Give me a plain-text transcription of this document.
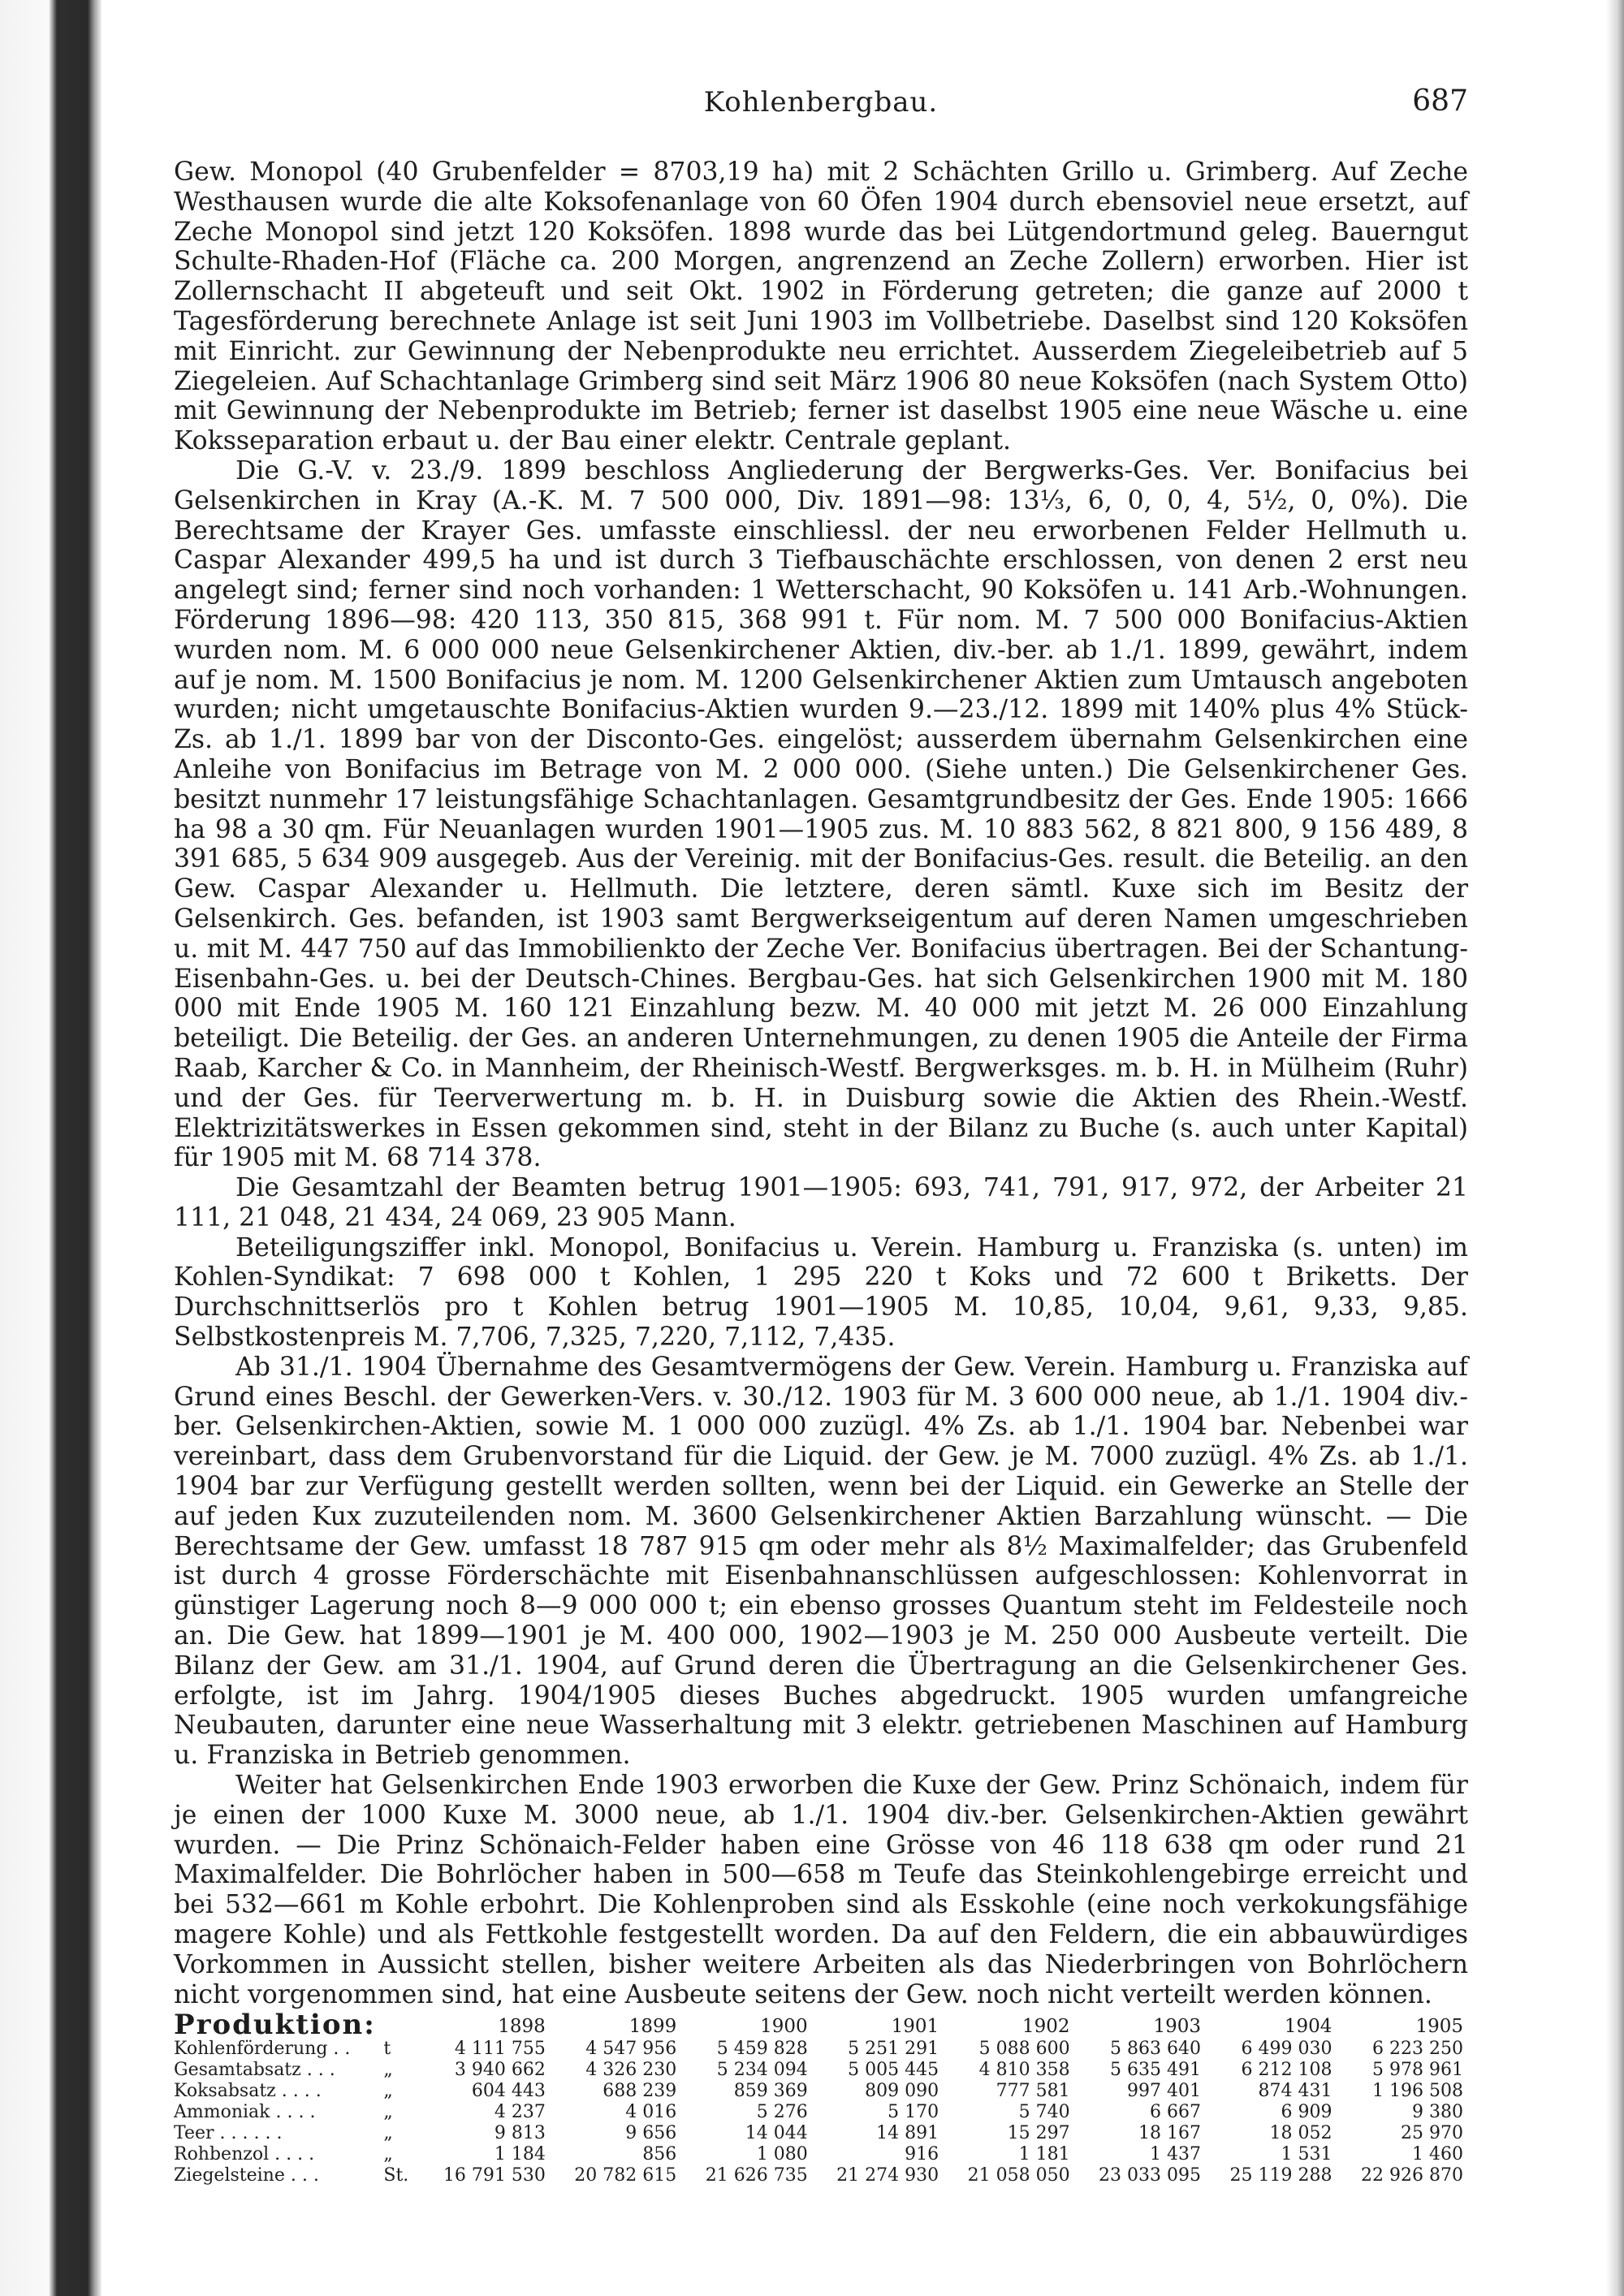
Kohlenbergbau.	687

Gew. Monopol (40 Grubenfelder = 8703,19 ha) mit 2 Schächten Grillo u. Grimberg. Auf Zeche Westhausen wurde die alte Koksofenanlage von 60 Öfen 1904 durch ebensoviel neue ersetzt, auf Zeche Monopol sind jetzt 120 Koksöfen. 1898 wurde das bei Lütgendortmund geleg. Bauerngut Schulte-Rhaden-Hof (Fläche ca. 200 Morgen, angrenzend an Zeche Zollern) erworben. Hier ist Zollernschacht II abgeteuft und seit Okt. 1902 in Förderung getreten; die ganze auf 2000 t Tagesförderung berechnete Anlage ist seit Juni 1903 im Vollbetriebe. Daselbst sind 120 Koksöfen mit Einricht. zur Gewinnung der Nebenprodukte neu errichtet. Ausserdem Ziegeleibetrieb auf 5 Ziegeleien. Auf Schachtanlage Grimberg sind seit März 1906 80 neue Koksöfen (nach System Otto) mit Gewinnung der Nebenprodukte im Betrieb; ferner ist daselbst 1905 eine neue Wäsche u. eine Koksseparation erbaut u. der Bau einer elektr. Centrale geplant.

Die G.-V. v. 23./9. 1899 beschloss Angliederung der Bergwerks-Ges. Ver. Bonifacius bei Gelsenkirchen in Kray (A.-K. M. 7 500 000, Div. 1891—98: 13⅓, 6, 0, 0, 4, 5½, 0, 0%). Die Berechtsame der Krayer Ges. umfasste einschliessl. der neu erworbenen Felder Hellmuth u. Caspar Alexander 499,5 ha und ist durch 3 Tiefbauschächte erschlossen, von denen 2 erst neu angelegt sind; ferner sind noch vorhanden: 1 Wetterschacht, 90 Koksöfen u. 141 Arb.-Wohnungen. Förderung 1896—98: 420 113, 350 815, 368 991 t. Für nom. M. 7 500 000 Bonifacius-Aktien wurden nom. M. 6 000 000 neue Gelsenkirchener Aktien, div.-ber. ab 1./1. 1899, gewährt, indem auf je nom. M. 1500 Bonifacius je nom. M. 1200 Gelsenkirchener Aktien zum Umtausch angeboten wurden; nicht umgetauschte Bonifacius-Aktien wurden 9.—23./12. 1899 mit 140% plus 4% Stück-Zs. ab 1./1. 1899 bar von der Disconto-Ges. eingelöst; ausserdem übernahm Gelsenkirchen eine Anleihe von Bonifacius im Betrage von M. 2 000 000. (Siehe unten.) Die Gelsenkirchener Ges. besitzt nunmehr 17 leistungsfähige Schachtanlagen. Gesamtgrundbesitz der Ges. Ende 1905: 1666 ha 98 a 30 qm. Für Neuanlagen wurden 1901—1905 zus. M. 10 883 562, 8 821 800, 9 156 489, 8 391 685, 5 634 909 ausgegeb. Aus der Vereinig. mit der Bonifacius-Ges. result. die Beteilig. an den Gew. Caspar Alexander u. Hellmuth. Die letztere, deren sämtl. Kuxe sich im Besitz der Gelsenkirch. Ges. befanden, ist 1903 samt Bergwerkseigentum auf deren Namen umgeschrieben u. mit M. 447 750 auf das Immobilienkto der Zeche Ver. Bonifacius übertragen. Bei der Schantung-Eisenbahn-Ges. u. bei der Deutsch-Chines. Bergbau-Ges. hat sich Gelsenkirchen 1900 mit M. 180 000 mit Ende 1905 M. 160 121 Einzahlung bezw. M. 40 000 mit jetzt M. 26 000 Einzahlung beteiligt. Die Beteilig. der Ges. an anderen Unternehmungen, zu denen 1905 die Anteile der Firma Raab, Karcher & Co. in Mannheim, der Rheinisch-Westf. Bergwerksges. m. b. H. in Mülheim (Ruhr) und der Ges. für Teerverwertung m. b. H. in Duisburg sowie die Aktien des Rhein.-Westf. Elektrizitätswerkes in Essen gekommen sind, steht in der Bilanz zu Buche (s. auch unter Kapital) für 1905 mit M. 68 714 378.

Die Gesamtzahl der Beamten betrug 1901—1905: 693, 741, 791, 917, 972, der Arbeiter 21 111, 21 048, 21 434, 24 069, 23 905 Mann.

Beteiligungsziffer inkl. Monopol, Bonifacius u. Verein. Hamburg u. Franziska (s. unten) im Kohlen-Syndikat: 7 698 000 t Kohlen, 1 295 220 t Koks und 72 600 t Briketts. Der Durchschnittserlös pro t Kohlen betrug 1901—1905 M. 10,85, 10,04, 9,61, 9,33, 9,85. Selbstkostenpreis M. 7,706, 7,325, 7,220, 7,112, 7,435.

Ab 31./1. 1904 Übernahme des Gesamtvermögens der Gew. Verein. Hamburg u. Franziska auf Grund eines Beschl. der Gewerken-Vers. v. 30./12. 1903 für M. 3 600 000 neue, ab 1./1. 1904 div.-ber. Gelsenkirchen-Aktien, sowie M. 1 000 000 zuzügl. 4% Zs. ab 1./1. 1904 bar. Nebenbei war vereinbart, dass dem Grubenvorstand für die Liquid. der Gew. je M. 7000 zuzügl. 4% Zs. ab 1./1. 1904 bar zur Verfügung gestellt werden sollten, wenn bei der Liquid. ein Gewerke an Stelle der auf jeden Kux zuzuteilenden nom. M. 3600 Gelsenkirchener Aktien Barzahlung wünscht. — Die Berechtsame der Gew. umfasst 18 787 915 qm oder mehr als 8½ Maximalfelder; das Grubenfeld ist durch 4 grosse Förderschächte mit Eisenbahnanschlüssen aufgeschlossen: Kohlenvorrat in günstiger Lagerung noch 8—9 000 000 t; ein ebenso grosses Quantum steht im Feldesteile noch an. Die Gew. hat 1899—1901 je M. 400 000, 1902—1903 je M. 250 000 Ausbeute verteilt. Die Bilanz der Gew. am 31./1. 1904, auf Grund deren die Übertragung an die Gelsenkirchener Ges. erfolgte, ist im Jahrg. 1904/1905 dieses Buches abgedruckt. 1905 wurden umfangreiche Neubauten, darunter eine neue Wasserhaltung mit 3 elektr. getriebenen Maschinen auf Hamburg u. Franziska in Betrieb genommen.

Weiter hat Gelsenkirchen Ende 1903 erworben die Kuxe der Gew. Prinz Schönaich, indem für je einen der 1000 Kuxe M. 3000 neue, ab 1./1. 1904 div.-ber. Gelsenkirchen-Aktien gewährt wurden. — Die Prinz Schönaich-Felder haben eine Grösse von 46 118 638 qm oder rund 21 Maximalfelder. Die Bohrlöcher haben in 500—658 m Teufe das Steinkohlengebirge erreicht und bei 532—661 m Kohle erbohrt. Die Kohlenproben sind als Esskohle (eine noch verkokungsfähige magere Kohle) und als Fettkohle festgestellt worden. Da auf den Feldern, die ein abbauwürdiges Vorkommen in Aussicht stellen, bisher weitere Arbeiten als das Niederbringen von Bohrlöchern nicht vorgenommen sind, hat eine Ausbeute seitens der Gew. noch nicht verteilt werden können.

Produktion:		1898	1899	1900	1901	1902	1903	1904	1905
Kohlenförderung . .	t	4 111 755	4 547 956	5 459 828	5 251 291	5 088 600	5 863 640	6 499 030	6 223 250
Gesamtabsatz . . .	„	3 940 662	4 326 230	5 234 094	5 005 445	4 810 358	5 635 491	6 212 108	5 978 961
Koksabsatz . . . .	„	604 443	688 239	859 369	809 090	777 581	997 401	874 431	1 196 508
Ammoniak . . . .	„	4 237	4 016	5 276	5 170	5 740	6 667	6 909	9 380
Teer . . . . . .	„	9 813	9 656	14 044	14 891	15 297	18 167	18 052	25 970
Rohbenzol . . . .	„	1 184	856	1 080	916	1 181	1 437	1 531	1 460
Ziegelsteine . . .	St.	16 791 530	20 782 615	21 626 735	21 274 930	21 058 050	23 033 095	25 119 288	22 926 870
